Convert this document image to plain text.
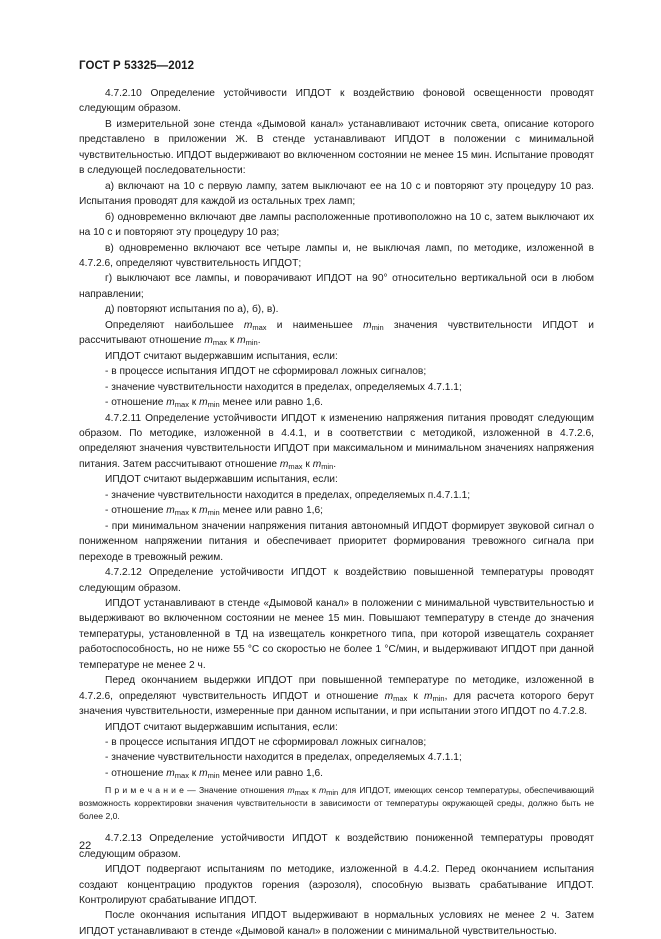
ГОСТ Р 53325—2012

4.7.2.10 Определение устойчивости ИПДОТ к воздействию фоновой освещенности проводят следующим образом.

В измерительной зоне стенда «Дымовой канал» устанавливают источник света, описание которого представлено в приложении Ж. В стенде устанавливают ИПДОТ в положении с минимальной чувствительностью. ИПДОТ выдерживают во включенном состоянии не менее 15 мин. Испытание проводят в следующей последовательности:

а) включают на 10 с первую лампу, затем выключают ее на 10 с и повторяют эту процедуру 10 раз. Испытания проводят для каждой из остальных трех ламп;

б) одновременно включают две лампы расположенные противоположно на 10 с, затем выключают их на 10 с и повторяют эту процедуру 10 раз;

в) одновременно включают все четыре лампы и, не выключая ламп, по методике, изложенной в 4.7.2.6, определяют чувствительность ИПДОТ;

г) выключают все лампы, и поворачивают ИПДОТ на 90° относительно вертикальной оси в любом направлении;

д) повторяют испытания по а), б), в).

Определяют наибольшее $m_{max}$ и наименьшее $m_{min}$ значения чувствительности ИПДОТ и рассчитывают отношение $m_{max}$ к $m_{min}$.

ИПДОТ считают выдержавшим испытания, если:

- в процессе испытания ИПДОТ не сформировал ложных сигналов;

- значение чувствительности находится в пределах, определяемых 4.7.1.1;

- отношение $m_{max}$ к $m_{min}$ менее или равно 1,6.

4.7.2.11 Определение устойчивости ИПДОТ к изменению напряжения питания проводят следующим образом. По методике, изложенной в 4.4.1, и в соответствии с методикой, изложенной в 4.7.2.6, определяют значения чувствительности ИПДОТ при максимальном и минимальном значениях напряжения питания. Затем рассчитывают отношение $m_{max}$ к $m_{min}$.

ИПДОТ считают выдержавшим испытания, если:

- значение чувствительности находится в пределах, определяемых п.4.7.1.1;

- отношение $m_{max}$ к $m_{min}$ менее или равно 1,6;

- при минимальном значении напряжения питания автономный ИПДОТ формирует звуковой сигнал о пониженном напряжении питания и обеспечивает приоритет формирования тревожного сигнала при переходе в тревожный режим.

4.7.2.12 Определение устойчивости ИПДОТ к воздействию повышенной температуры проводят следующим образом.

ИПДОТ устанавливают в стенде «Дымовой канал» в положении с минимальной чувствительностью и выдерживают во включенном состоянии не менее 15 мин. Повышают температуру в стенде до значения температуры, установленной в ТД на извещатель конкретного типа, при которой извещатель сохраняет работоспособность, но не ниже 55 °С со скоростью не более 1 °С/мин, и выдерживают ИПДОТ при данной температуре не менее 2 ч.

Перед окончанием выдержки ИПДОТ при повышенной температуре по методике, изложенной в 4.7.2.6, определяют чувствительность ИПДОТ и отношение $m_{max}$ к $m_{min}$, для расчета которого берут значения чувствительности, измеренные при данном испытании, и при испытании этого ИПДОТ по 4.7.2.8.

ИПДОТ считают выдержавшим испытания, если:

- в процессе испытания ИПДОТ не сформировал ложных сигналов;

- значение чувствительности находится в пределах, определяемых 4.7.1.1;

- отношение $m_{max}$ к $m_{min}$ менее или равно 1,6.

П р и м е ч а н и е — Значение отношения $m_{max}$ к $m_{min}$ для ИПДОТ, имеющих сенсор температуры, обеспечивающий возможность корректировки значения чувствительности в зависимости от температуры окружающей среды, должно быть не более 2,0.

4.7.2.13 Определение устойчивости ИПДОТ к воздействию пониженной температуры проводят следующим образом.

ИПДОТ подвергают испытаниям по методике, изложенной в 4.4.2. Перед окончанием испытания создают концентрацию продуктов горения (аэрозоля), способную вызвать срабатывание ИПДОТ. Контролируют срабатывание ИПДОТ.

После окончания испытания ИПДОТ выдерживают в нормальных условиях не менее 2 ч. Затем ИПДОТ устанавливают в стенде «Дымовой канал» в положении с минимальной чувствительностью.

22
